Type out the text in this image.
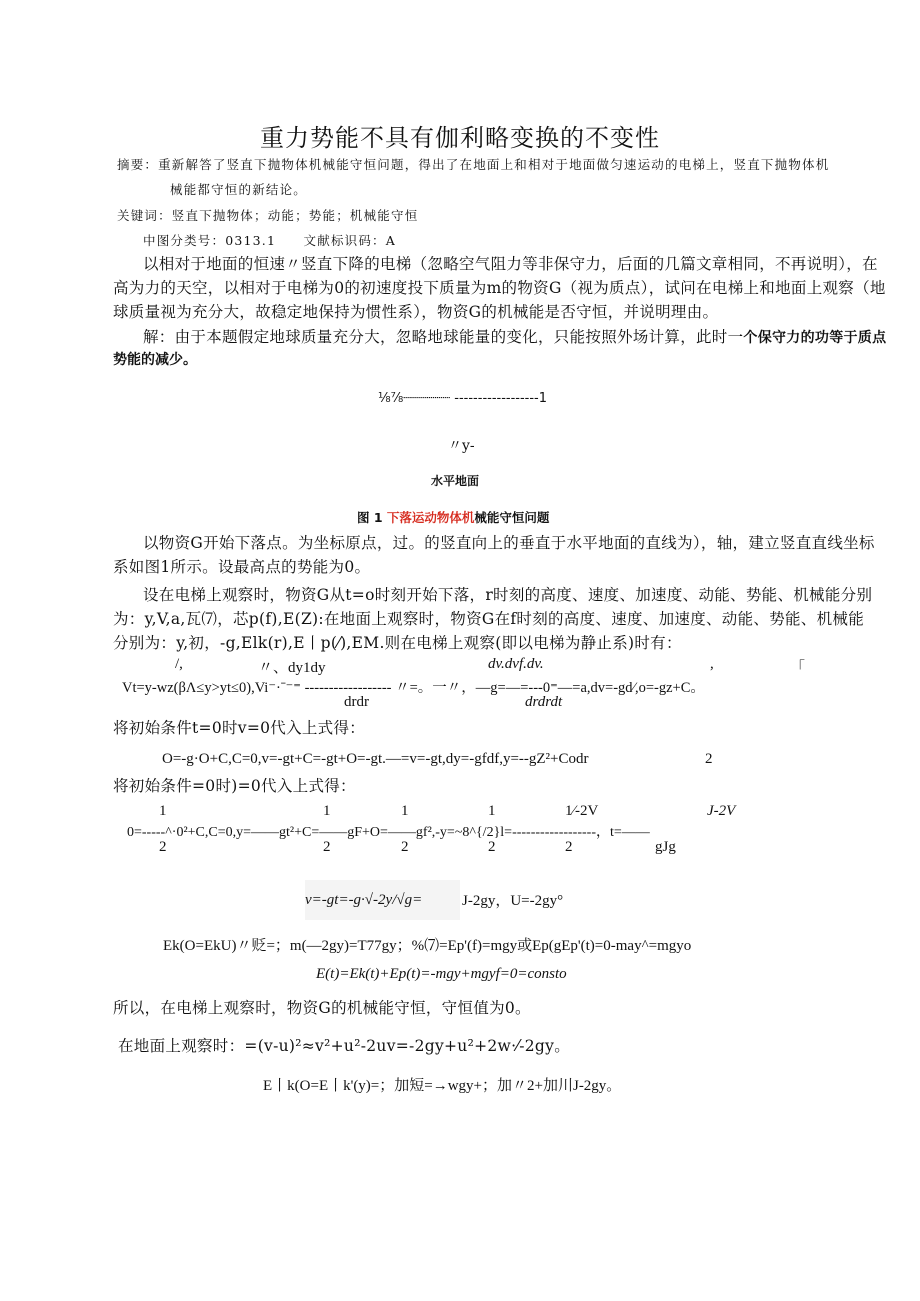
重力势能不具有伽利略变换的不变性
摘要：重新解答了竖直下抛物体机械能守恒问题，得出了在地面上和相对于地面做匀速运动的电梯上，竖直下抛物体机
械能都守恒的新结论。
关键词：竖直下抛物体；动能；势能；机械能守恒
中图分类号：0313.1　　文献标识码：A
以相对于地面的恒速〃竖直下降的电梯（忽略空气阻力等非保守力，后面的几篇文章相同，不再说明），在
高为力的天空，以相对于电梯为0的初速度投下质量为m的物资G（视为质点），试问在电梯上和地面上观察（地
球质量视为充分大，故稳定地保持为惯性系），物资G的机械能是否守恒，并说明理由。
解：由于本题假定地球质量充分大，忽略地球能量的变化，只能按照外场计算，此时一个保守力的功等于质点
势能的减少。
⅛⅞┈┈┈┈┈┈ ------------------1
〃y-
水平地面
图 1 下落运动物体机械能守恒问题
以物资G开始下落点。为坐标原点，过。的竖直向上的垂直于水平地面的直线为），轴，建立竖直直线坐标
系如图1所示。设最高点的势能为0。
设在电梯上观察时，物资G从t=o时刻开始下落，r时刻的高度、速度、加速度、动能、势能、机械能分别
为：y,V,a,瓦⑺，芯p(f),E(Z):在地面上观察时，物资G在f时刻的高度、速度、加速度、动能、势能、机械能
分别为：y,初，-g,Elk(r),E丨p(⁄),EM.则在电梯上观察(即以电梯为静止系)时有：
/,	〃、dy1dy	dv.dvf.dv.	,	「
Vt=y-wz(βΛ≤y>yt≤0),Vi⁻·ˉ⁻⁼ ------------------ 〃=。一〃，—g=—=---0⁼—=a,dv=-gd⁄,o=-gz+C。
drdr	drdrdt
将初始条件t=0时v=0代入上式得：
O=-g·O+C,C=0,v=-gt+C=-gt+O=-gt.—=v=-gt,dy=-gfdf,y=--gZ²+Codr	2
将初始条件=0时)=0代入上式得：
1	1	1	1	1⁄-2V	J-2V
0=-----^·0²+C,C=0,y=——gt²+C=——gF+O=——gf²,-y=~8^{/2}l=------------------，t=——
2	2	2	2	2	gJg
v=-gt=-g·√-2y/√g=	J-2gy，U=-2gy°
Ek(O=EkU)〃贬=；m(—2gy)=T77gy；%⑺=Ep'(f)=mgy或Ep(gEp'(t)=0-may^=mgyo
E(t)=Ek(t)+Ep(t)=-mgy+mgyf=0=consto
所以，在电梯上观察时，物资G的机械能守恒，守恒值为0。
在地面上观察时：=(v-u)²≈v²+u²-2uv=-2gy+u²+2w·⁄-2gy。
E丨k(O=E丨k'(y)=；加短=→wgy+；加〃2+加川J-2gy。
